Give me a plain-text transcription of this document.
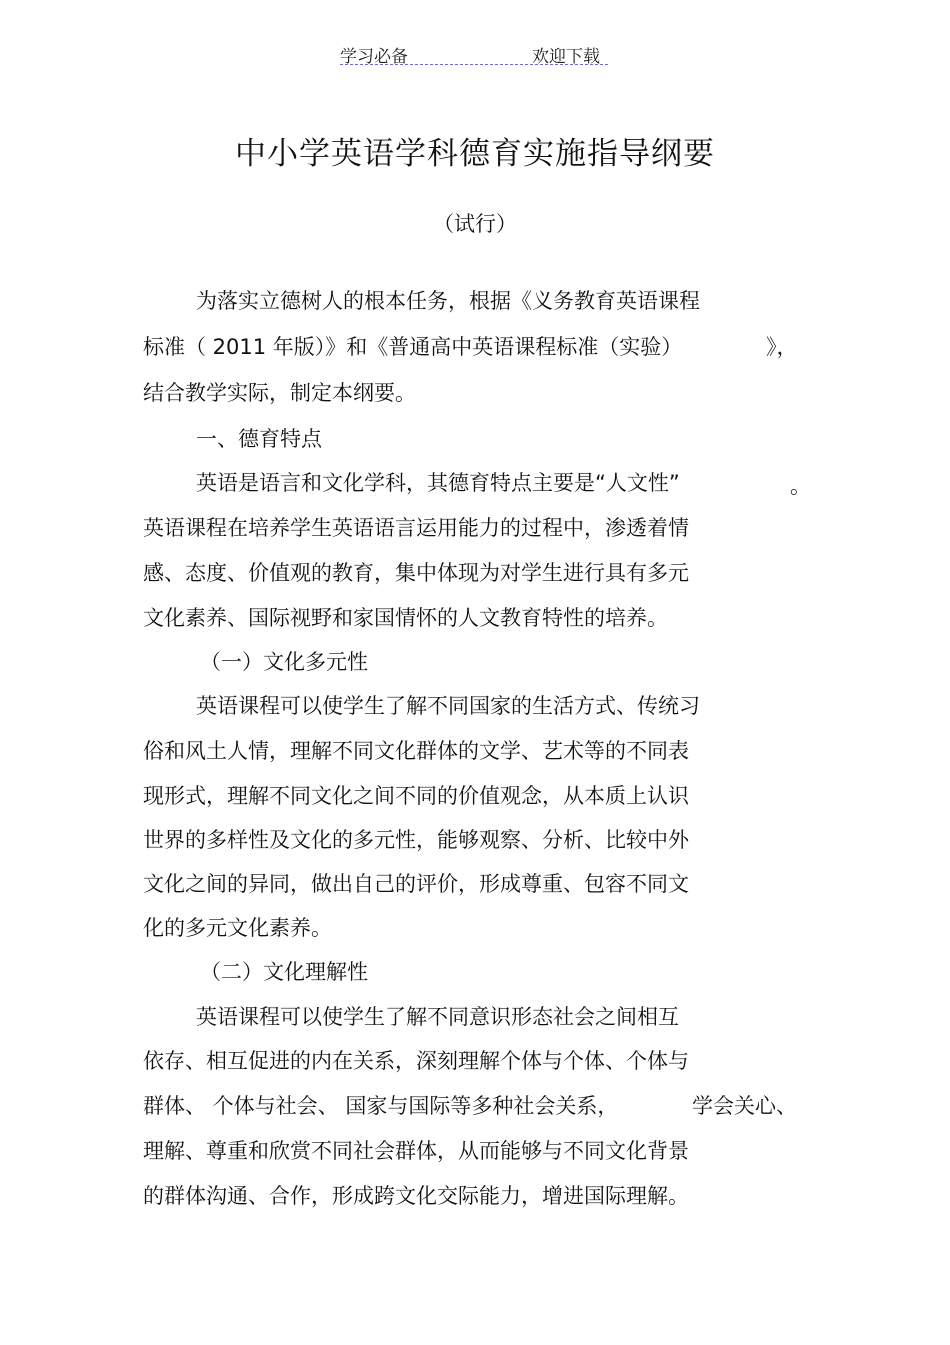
学习必备	欢迎下载
中小学英语学科德育实施指导纲要
（试行）
为落实立德树人的根本任务，根据《义务教育英语课程
标准（ 2011 年版）》和《普通高中英语课程标准（实验）	》，
结合教学实际，制定本纲要。
一、德育特点
英语是语言和文化学科，其德育特点主要是“人文性”	。
英语课程在培养学生英语语言运用能力的过程中，渗透着情
感、态度、价值观的教育，集中体现为对学生进行具有多元
文化素养、国际视野和家国情怀的人文教育特性的培养。
（一）文化多元性
英语课程可以使学生了解不同国家的生活方式、传统习
俗和风土人情，理解不同文化群体的文学、艺术等的不同表
现形式，理解不同文化之间不同的价值观念，从本质上认识
世界的多样性及文化的多元性，能够观察、分析、比较中外
文化之间的异同，做出自己的评价，形成尊重、包容不同文
化的多元文化素养。
（二）文化理解性
英语课程可以使学生了解不同意识形态社会之间相互
依存、相互促进的内在关系，深刻理解个体与个体、个体与
群体、 个体与社会、 国家与国际等多种社会关系，	学会关心、
理解、尊重和欣赏不同社会群体，从而能够与不同文化背景
的群体沟通、合作，形成跨文化交际能力，增进国际理解。
